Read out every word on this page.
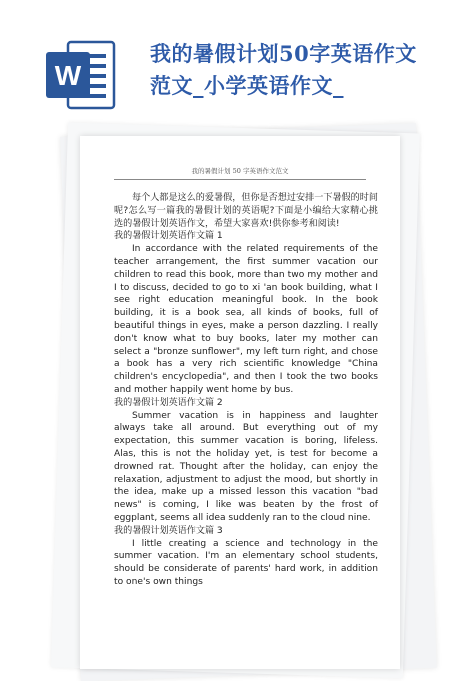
W
我的暑假计划50字英语作文
范文_小学英语作文_
我的暑假计划 50 字英语作文范文

每个人都是这么的爱暑假，但你是否想过安排一下暑假的时间呢?怎么写一篇我的暑假计划的英语呢?下面是小编给大家精心挑选的暑假计划英语作文，希望大家喜欢!供你参考和阅读!

我的暑假计划英语作文篇 1

In accordance with the related requirements of the teacher arrangement, the first summer vacation our children to read this book, more than two my mother and I to discuss, decided to go to xi 'an book building, what I see right education meaningful book. In the book building, it is a book sea, all kinds of books, full of beautiful things in eyes, make a person dazzling. I really don't know what to buy books, later my mother can select a "bronze sunflower", my left turn right, and chose a book has a very rich scientific knowledge "China children's encyclopedia", and then I took the two books and mother happily went home by bus.

我的暑假计划英语作文篇 2

Summer vacation is in happiness and laughter always take all around. But everything out of my expectation, this summer vacation is boring, lifeless. Alas, this is not the holiday yet, is test for become a drowned rat. Thought after the holiday, can enjoy the relaxation, adjustment to adjust the mood, but shortly in the idea, make up a missed lesson this vacation "bad news" is coming, I like was beaten by the frost of eggplant, seems all idea suddenly ran to the cloud nine.

我的暑假计划英语作文篇 3

I little creating a science and technology in the summer vacation. I'm an elementary school students, should be considerate of parents' hard work, in addition to one's own things
